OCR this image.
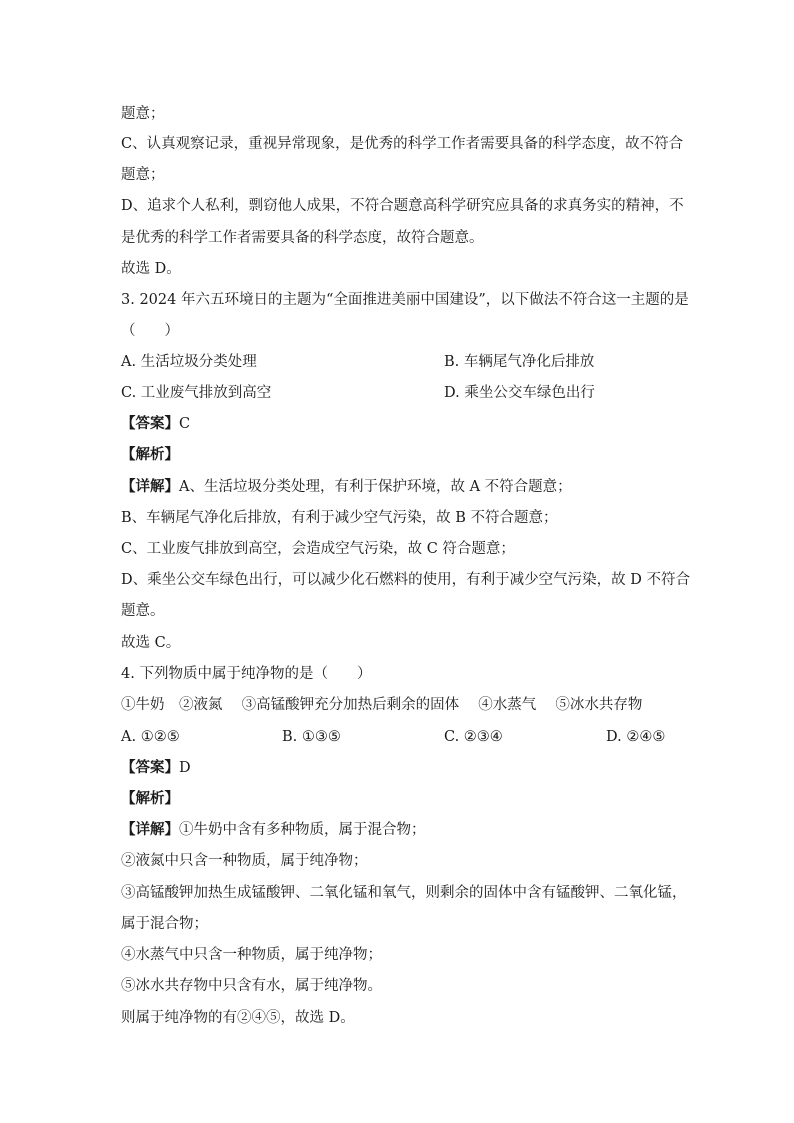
题意；
C、认真观察记录，重视异常现象，是优秀的科学工作者需要具备的科学态度，故不符合
题意；
D、追求个人私利，剽窃他人成果，不符合题意高科学研究应具备的求真务实的精神，不
是优秀的科学工作者需要具备的科学态度，故符合题意。
故选 D。
3. 2024 年六五环境日的主题为“全面推进美丽中国建设”，以下做法不符合这一主题的是
（　　）
A. 生活垃圾分类处理	B. 车辆尾气净化后排放
C. 工业废气排放到高空	D. 乘坐公交车绿色出行
【答案】C
【解析】
【详解】A、生活垃圾分类处理，有利于保护环境，故 A 不符合题意；
B、车辆尾气净化后排放，有利于减少空气污染，故 B 不符合题意；
C、工业废气排放到高空，会造成空气污染，故 C 符合题意；
D、乘坐公交车绿色出行，可以减少化石燃料的使用，有利于减少空气污染，故 D 不符合
题意。
故选 C。
4. 下列物质中属于纯净物的是（　　）
①牛奶　②液氮　 ③高锰酸钾充分加热后剩余的固体　 ④水蒸气　 ⑤冰水共存物
A. ①②⑤	B. ①③⑤	C. ②③④	D. ②④⑤
【答案】D
【解析】
【详解】①牛奶中含有多种物质，属于混合物；
②液氮中只含一种物质，属于纯净物；
③高锰酸钾加热生成锰酸钾、二氧化锰和氧气，则剩余的固体中含有锰酸钾、二氧化锰，
属于混合物；
④水蒸气中只含一种物质，属于纯净物；
⑤冰水共存物中只含有水，属于纯净物。
则属于纯净物的有②④⑤，故选 D。
